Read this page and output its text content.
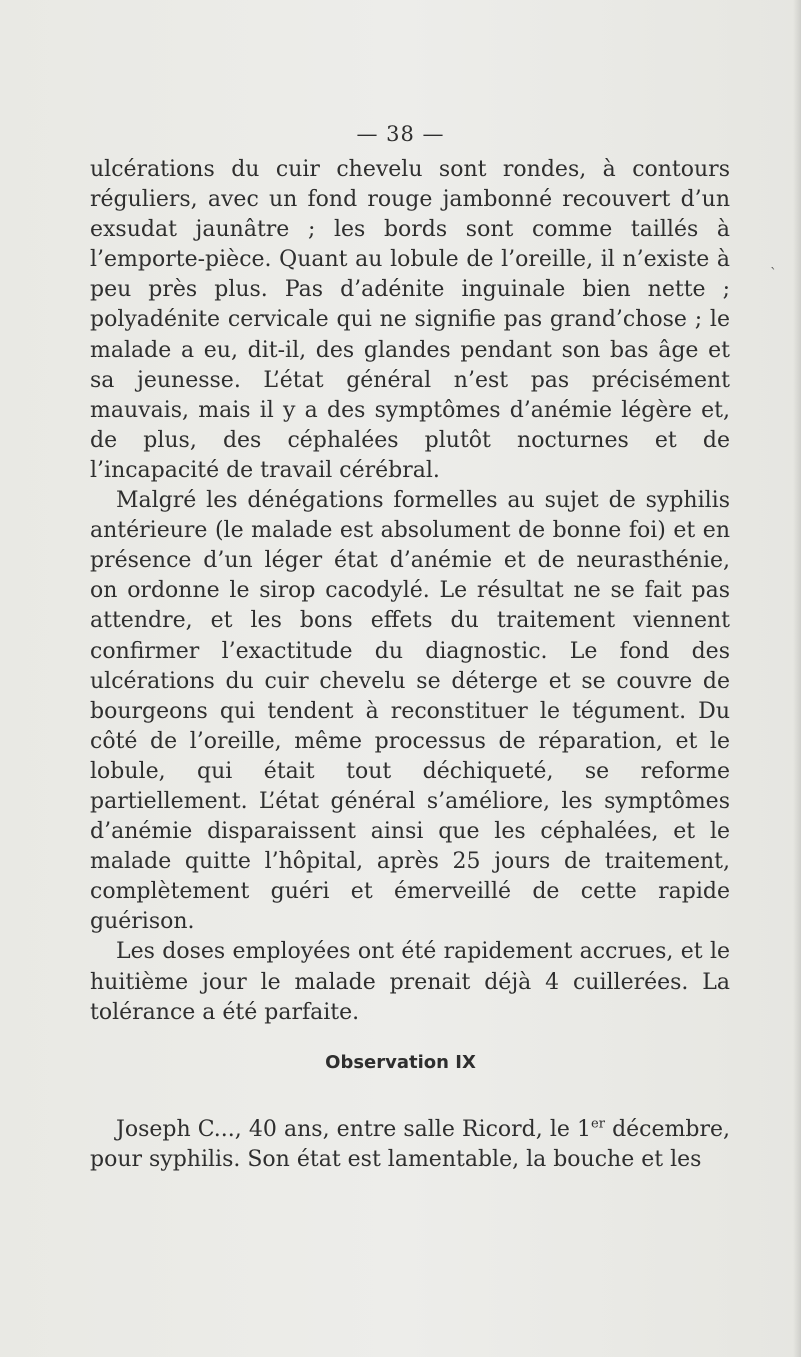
— 38 —

ulcérations du cuir chevelu sont rondes, à contours réguliers, avec un fond rouge jambonné recouvert d’un exsudat jaunâtre ; les bords sont comme taillés à l’emporte-pièce. Quant au lobule de l’oreille, il n’existe à peu près plus. Pas d’adénite inguinale bien nette ; polyadénite cervicale qui ne signifie pas grand’chose ; le malade a eu, dit-il, des glandes pendant son bas âge et sa jeunesse. L’état général n’est pas précisément mauvais, mais il y a des symptômes d’anémie légère et, de plus, des céphalées plutôt nocturnes et de l’incapacité de travail cérébral.

Malgré les dénégations formelles au sujet de syphilis antérieure (le malade est absolument de bonne foi) et en présence d’un léger état d’anémie et de neurasthénie, on ordonne le sirop cacodylé. Le résultat ne se fait pas attendre, et les bons effets du traitement viennent confirmer l’exactitude du diagnostic. Le fond des ulcérations du cuir chevelu se déterge et se couvre de bourgeons qui tendent à reconstituer le tégument. Du côté de l’oreille, même processus de réparation, et le lobule, qui était tout déchiqueté, se reforme partiellement. L’état général s’améliore, les symptômes d’anémie disparaissent ainsi que les céphalées, et le malade quitte l’hôpital, après 25 jours de traitement, complètement guéri et émerveillé de cette rapide guérison.

Les doses employées ont été rapidement accrues, et le huitième jour le malade prenait déjà 4 cuillerées. La tolérance a été parfaite.

`
Observation IX

Joseph C..., 40 ans, entre salle Ricord, le 1er décembre, pour syphilis. Son état est lamentable, la bouche et les
